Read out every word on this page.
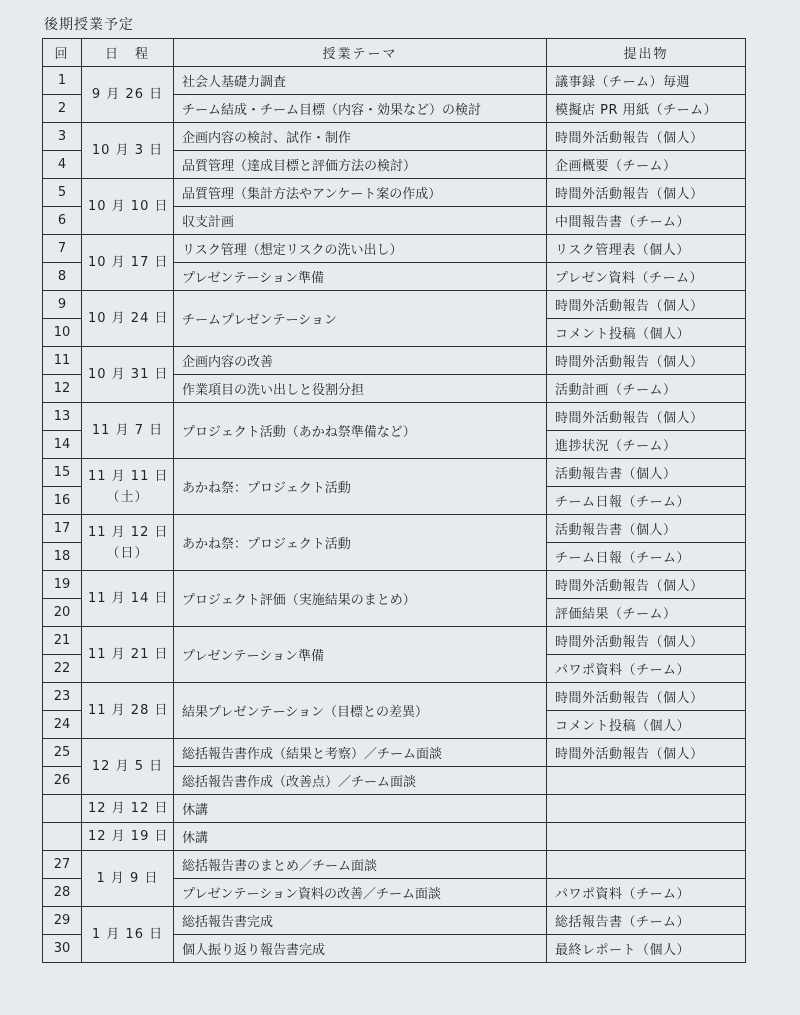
後期授業予定
回	日　程	授業テーマ	提出物
1	9 月 26 日	社会人基礎力調査	議事録（チーム）毎週
2		チーム結成・チーム目標（内容・効果など）の検討	模擬店 PR 用紙（チーム）
3	10 月 3 日	企画内容の検討、試作・制作	時間外活動報告（個人）
4		品質管理（達成目標と評価方法の検討）	企画概要（チーム）
5	10 月 10 日	品質管理（集計方法やアンケート案の作成）	時間外活動報告（個人）
6		収支計画	中間報告書（チーム）
7	10 月 17 日	リスク管理（想定リスクの洗い出し）	リスク管理表（個人）
8		プレゼンテーション準備	プレゼン資料（チーム）
9	10 月 24 日	チームプレゼンテーション	時間外活動報告（個人）
10			コメント投稿（個人）
11	10 月 31 日	企画内容の改善	時間外活動報告（個人）
12		作業項目の洗い出しと役割分担	活動計画（チーム）
13	11 月 7 日	プロジェクト活動（あかね祭準備など）	時間外活動報告（個人）
14			進捗状況（チーム）
15	11 月 11 日
（土）	あかね祭：プロジェクト活動	活動報告書（個人）
16			チーム日報（チーム）
17	11 月 12 日
（日）	あかね祭：プロジェクト活動	活動報告書（個人）
18			チーム日報（チーム）
19	11 月 14 日	プロジェクト評価（実施結果のまとめ）	時間外活動報告（個人）
20			評価結果（チーム）
21	11 月 21 日	プレゼンテーション準備	時間外活動報告（個人）
22			パワポ資料（チーム）
23	11 月 28 日	結果プレゼンテーション（目標との差異）	時間外活動報告（個人）
24			コメント投稿（個人）
25	12 月 5 日	総括報告書作成（結果と考察）／チーム面談	時間外活動報告（個人）
26		総括報告書作成（改善点）／チーム面談	
	12 月 12 日	休講	
	12 月 19 日	休講	
27	1 月 9 日	総括報告書のまとめ／チーム面談	
28		プレゼンテーション資料の改善／チーム面談	パワポ資料（チーム）
29	1 月 16 日	総括報告書完成	総括報告書（チーム）
30		個人振り返り報告書完成	最終レポート（個人）
